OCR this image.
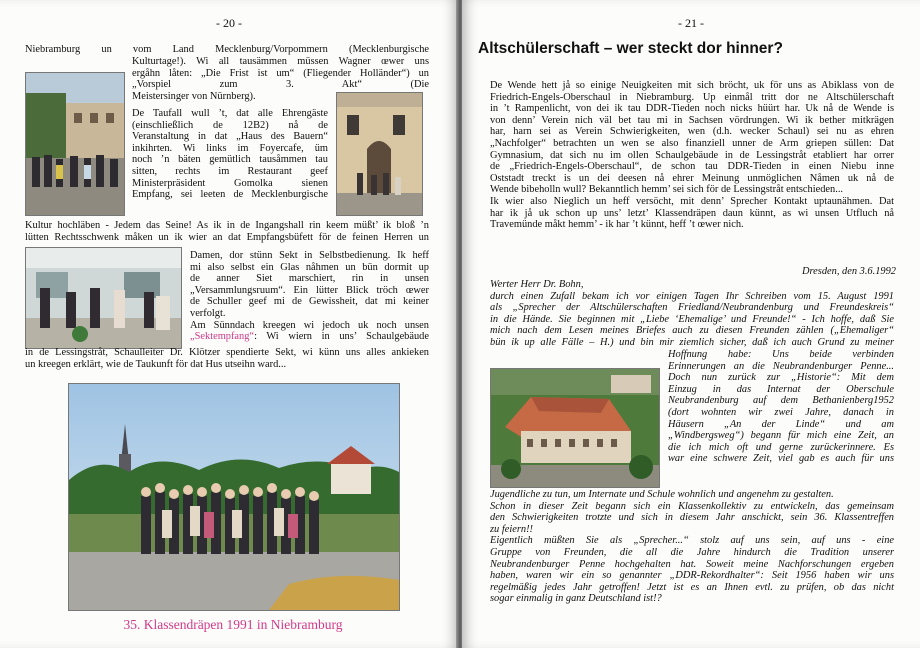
- 20 -
Niebramburg un vom Land Mecklenburg/Vorpommern (Mecklenburgische
Kulturtage!). Wi all tausämmen müssen Wagner œwer uns
ergåhn låten: „Die Frist ist um“ (Fliegender Holländer“) un
„Vorspiel zum 3. Akt“ (Die
Meistersinger von Nürnberg).
De Taufall wull ’t, dat alle Ehrengäste
(einschließlich de 12B2) nå de
Veranstaltung in dat „Haus des Bauern“
inkihrten. Wi links im Foyercafe, üm
noch ’n bäten gemütlich tausåmmen tau
sitten, rechts im Restaurant geef
Ministerpräsident Gomolka sienen
Empfang, sei leeten de Mecklenburgische
Kultur hochläben - Jedem das Seine! As ik in de Ingangshall rin keem müßt’ ik bloß ’n
lütten Rechtsschwenk måken un ik wier an dat Empfangsbüfett för de feinen Herren un
Damen, dor stünn Sekt in Selbstbedienung. Ik heff
mi also selbst ein Glas nåhmen un bün dormit up
de anner Siet marschiert, rin in unsen
„Versammlungsruum“. Ein lütter Blick tröch œwer
de Schuller geef mi de Gewissheit, dat mi keiner
verfolgt.
Am Sünndach kreegen wi jedoch uk noch unsen
„Sektempfang“: Wi wiern in uns’ Schaulgebäude
in de Lessingstråt, Schaulleiter Dr. Klötzer spendierte Sekt, wi künn uns alles ankieken
un kreegen erklärt, wie de Taukunft för dat Hus utseihn ward...
35. Klassendräpen 1991 in Niebramburg
- 21 -
Altschülerschaft – wer steckt dor hinner?
De Wende hett jå so einige Neuigkeiten mit sich bröcht, uk för uns as Abiklass von de
Friedrich-Engels-Oberschaul in Niebramburg. Up einmål tritt dor ne Altschülerschaft
in ’t Rampenlicht, von dei ik tau DDR-Tieden noch nicks hüürt har. Uk nå de Wende is
von denn’ Verein nich väl bet tau mi in Sachsen vördrungen. Wi ik bether mitkrägen
har, harn sei as Verein Schwierigkeiten, wen (d.h. wecker Schaul) sei nu as ehren
„Nachfolger“ betrachten un wen se also finanziell unner de Arm griepen süllen: Dat
Gymnasium, dat sich nu im ollen Schaulgebäude in de Lessingstråt etabliert har orrer
de „Friedrich-Engels-Oberschaul“, de schon tau DDR-Tieden in einen Niebu inne
Oststadt treckt is un dei deesen nå ehrer Meinung unmöglichen Nåmen uk nå de
Wende bibeholln wull? Bekanntlich hemm’ sei sich för de Lessingstråt entschieden...
Ik wier also Nieglich un heff versöcht, mit denn’ Sprecher Kontakt uptaunähmen. Dat
har ik jå uk schon up uns’ letzt’ Klassendräpen daun künnt, as wi unsen Utfluch nå
Travemünde måkt hemm’ - ik har ’t künnt, heff ’t œwer nich.
Dresden, den 3.6.1992
Werter Herr Dr. Bohn,
durch einen Zufall bekam ich vor einigen Tagen Ihr Schreiben vom 15. August 1991
als „Sprecher der Altschülerschaften Friedland/Neubrandenburg und Freundeskreis“
in die Hände. Sie beginnen mit „Liebe ‘Ehemalige’ und Freunde!“ - Ich hoffe, daß Sie
mich nach dem Lesen meines Briefes auch zu diesen Freunden zählen („Ehemaliger“
bün ik up alle Fälle – H.) und bin mir ziemlich sicher, daß ich auch Grund zu meiner
Hoffnung habe: Uns beide verbinden
Erinnerungen an die Neubrandenburger Penne...
Doch nun zurück zur „Historie“: Mit dem
Einzug in das Internat der Oberschule
Neubrandenburg auf dem Bethanienberg1952
(dort wohnten wir zwei Jahre, danach in
Häusern „An der Linde“ und am
„Windbergsweg“) begann für mich eine Zeit, an
die ich mich oft und gerne zurückerinnere. Es
war eine schwere Zeit, viel gab es auch für uns
Jugendliche zu tun, um Internate und Schule wohnlich und angenehm zu gestalten.
Schon in dieser Zeit begann sich ein Klassenkollektiv zu entwickeln, das gemeinsam
den Schwierigkeiten trotzte und sich in diesem Jahr anschickt, sein 36. Klassentreffen
zu feiern!!
Eigentlich müßten Sie als „Sprecher...“ stolz auf uns sein, auf uns - eine
Gruppe von Freunden, die all die Jahre hindurch die Tradition unserer
Neubrandenburger Penne hochgehalten hat. Soweit meine Nachforschungen ergeben
haben, waren wir ein so genannter „DDR-Rekordhalter“: Seit 1956 haben wir uns
regelmäßig jedes Jahr getroffen! Jetzt ist es an Ihnen evtl. zu prüfen, ob das nicht
sogar einmalig in ganz Deutschland ist!?
